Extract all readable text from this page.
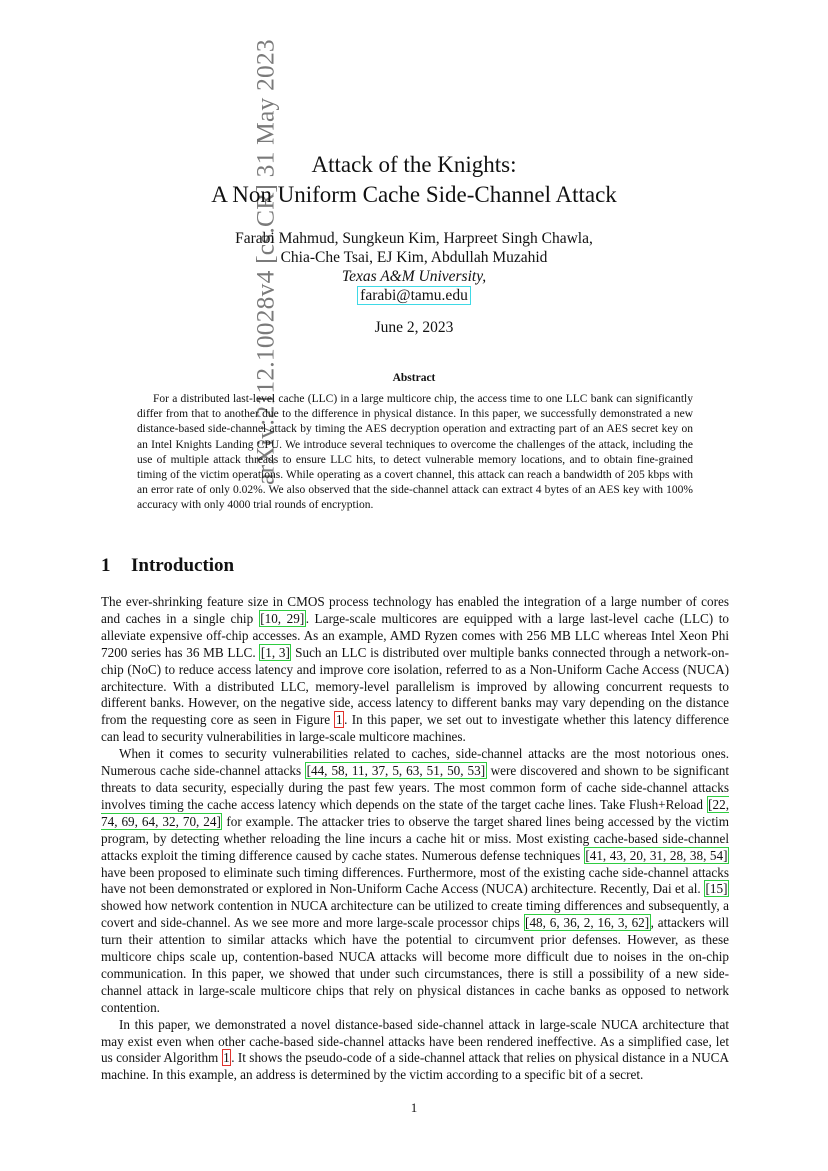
arXiv:2112.10028v4 [cs.CR] 31 May 2023	Attack of the Knights:
A Non Uniform Cache Side-Channel Attack
Farabi Mahmud, Sungkeun Kim, Harpreet Singh Chawla,
Chia-Che Tsai, EJ Kim, Abdullah Muzahid
Texas A&M University,
farabi@tamu.edu
June 2, 2023
Abstract
For a distributed last-level cache (LLC) in a large multicore chip, the access time to one LLC bank can significantly differ from that to another due to the difference in physical distance. In this paper, we successfully demonstrated a new distance-based side-channel attack by timing the AES decryption operation and extracting part of an AES secret key on an Intel Knights Landing CPU. We introduce several techniques to overcome the challenges of the attack, including the use of multiple attack threads to ensure LLC hits, to detect vulnerable memory locations, and to obtain fine-grained timing of the victim operations. While operating as a covert channel, this attack can reach a bandwidth of 205 kbps with an error rate of only 0.02%. We also observed that the side-channel attack can extract 4 bytes of an AES key with 100% accuracy with only 4000 trial rounds of encryption.
1 Introduction

The ever-shrinking feature size in CMOS process technology has enabled the integration of a large number of cores and caches in a single chip [10, 29] . Large-scale multicores are equipped with a large last-level cache (LLC) to alleviate expensive off-chip accesses. As an example, AMD Ryzen comes with 256 MB LLC whereas Intel Xeon Phi 7200 series has 36 MB LLC. [1, 3] Such an LLC is distributed over multiple banks connected through a network-on-chip (NoC) to reduce access latency and improve core isolation, referred to as a Non-Uniform Cache Access (NUCA) architecture. With a distributed LLC, memory-level parallelism is improved by allowing concurrent requests to different banks. However, on the negative side, access latency to different banks may vary depending on the distance from the requesting core as seen in Figure 1 . In this paper, we set out to investigate whether this latency difference can lead to security vulnerabilities in large-scale multicore machines.

When it comes to security vulnerabilities related to caches, side-channel attacks are the most notorious ones. Numerous cache side-channel attacks [44, 58, 11, 37, 5, 63, 51, 50, 53] were discovered and shown to be significant threats to data security, especially during the past few years. The most common form of cache side-channel attacks involves timing the cache access latency which depends on the state of the target cache lines. Take Flush+Reload [22, 74, 69, 64, 32, 70, 24] for example. The attacker tries to observe the target shared lines being accessed by the victim program, by detecting whether reloading the line incurs a cache hit or miss. Most existing cache-based side-channel attacks exploit the timing difference caused by cache states. Numerous defense techniques [41, 43, 20, 31, 28, 38, 54] have been proposed to eliminate such timing differences. Furthermore, most of the existing cache side-channel attacks have not been demonstrated or explored in Non-Uniform Cache Access (NUCA) architecture. Recently, Dai et al. [15] showed how network contention in NUCA architecture can be utilized to create timing differences and subsequently, a covert and side-channel. As we see more and more large-scale processor chips [48, 6, 36, 2, 16, 3, 62] , attackers will turn their attention to similar attacks which have the potential to circumvent prior defenses. However, as these multicore chips scale up, contention-based NUCA attacks will become more difficult due to noises in the on-chip communication. In this paper, we showed that under such circumstances, there is still a possibility of a new side-channel attack in large-scale multicore chips that rely on physical distances in cache banks as opposed to network contention.

In this paper, we demonstrated a novel distance-based side-channel attack in large-scale NUCA architecture that may exist even when other cache-based side-channel attacks have been rendered ineffective. As a simplified case, let us consider Algorithm 1 . It shows the pseudo-code of a side-channel attack that relies on physical distance in a NUCA machine. In this example, an address is determined by the victim according to a specific bit of a secret.

1
